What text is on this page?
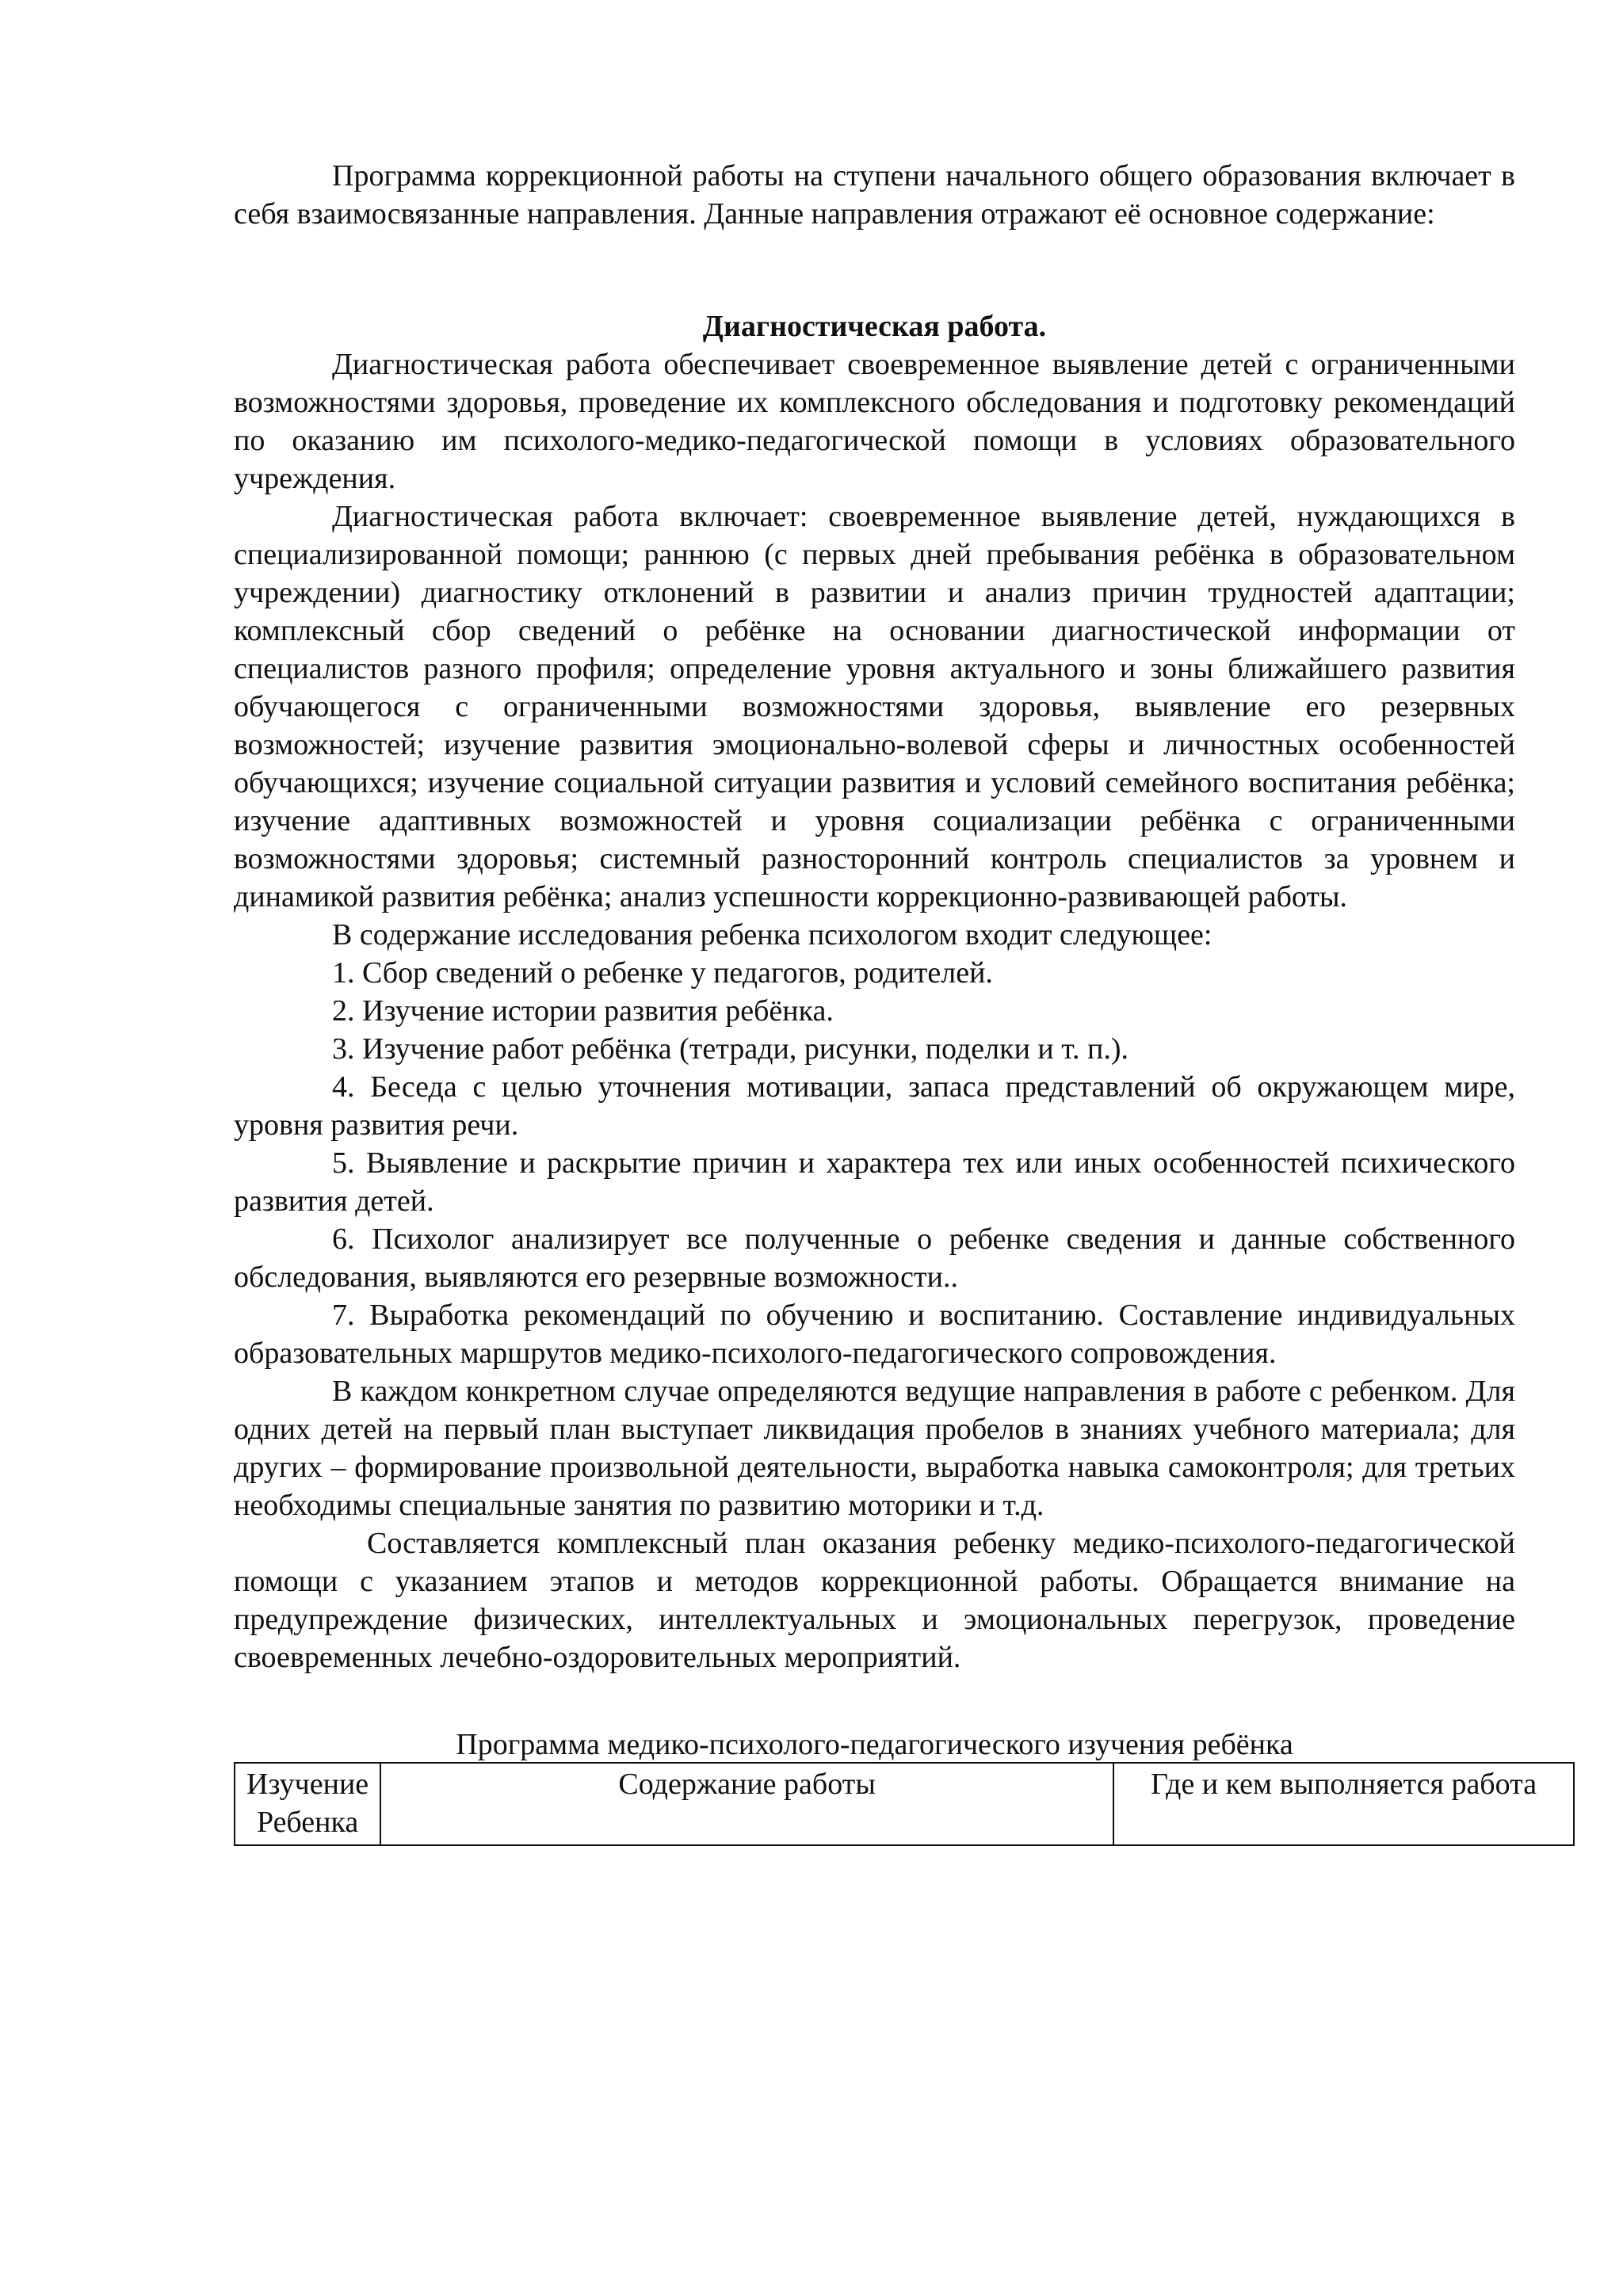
Программа коррекционной работы на ступени начального общего образования включает в себя взаимосвязанные направления. Данные направления отражают её основное содержание:

Диагностическая работа.

Диагностическая работа обеспечивает своевременное выявление детей с ограниченными возможностями здоровья, проведение их комплексного обследования и подготовку рекомендаций по оказанию им психолого-медико-педагогической помощи в условиях образовательного учреждения.

Диагностическая работа включает: своевременное выявление детей, нуждающихся в специализированной помощи; раннюю (с первых дней пребывания ребёнка в образовательном учреждении) диагностику отклонений в развитии и анализ причин трудностей адаптации; комплексный сбор сведений о ребёнке на основании диагностической информации от специалистов разного профиля; определение уровня актуального и зоны ближайшего развития обучающегося с ограниченными возможностями здоровья, выявление его резервных возможностей; изучение развития эмоционально-волевой сферы и личностных особенностей обучающихся; изучение социальной ситуации развития и условий семейного воспитания ребёнка; изучение адаптивных возможностей и уровня социализации ребёнка с ограниченными возможностями здоровья; системный разносторонний контроль специалистов за уровнем и динамикой развития ребёнка; анализ успешности коррекционно-развивающей работы.

В содержание исследования ребенка психологом входит следующее:

1. Сбор сведений о ребенке у педагогов, родителей.

2. Изучение истории развития ребёнка.

3. Изучение работ ребёнка (тетради, рисунки, поделки и т. п.).

4. Беседа с целью уточнения мотивации, запаса представлений об окружающем мире, уровня развития речи.

5. Выявление и раскрытие причин и характера тех или иных особенностей психического развития детей.

6. Психолог анализирует все полученные о ребенке сведения и данные собственного обследования, выявляются его резервные возможности..

7. Выработка рекомендаций по обучению и воспитанию. Составление индивидуальных образовательных маршрутов медико-психолого-педагогического сопровождения.

В каждом конкретном случае определяются ведущие направления в работе с ребенком. Для одних детей на первый план выступает ликвидация пробелов в знаниях учебного материала; для других – формирование произвольной деятельности, выработка навыка самоконтроля; для третьих необходимы специальные занятия по развитию моторики и т.д.

Составляется комплексный план оказания ребенку медико-психолого-педагогической помощи с указанием этапов и методов коррекционной работы. Обращается внимание на предупреждение физических, интеллектуальных и эмоциональных перегрузок, проведение своевременных лечебно-оздоровительных мероприятий.

Программа медико-психолого-педагогического изучения ребёнка
Изучение Ребенка	Содержание работы	Где и кем выполняется работа
